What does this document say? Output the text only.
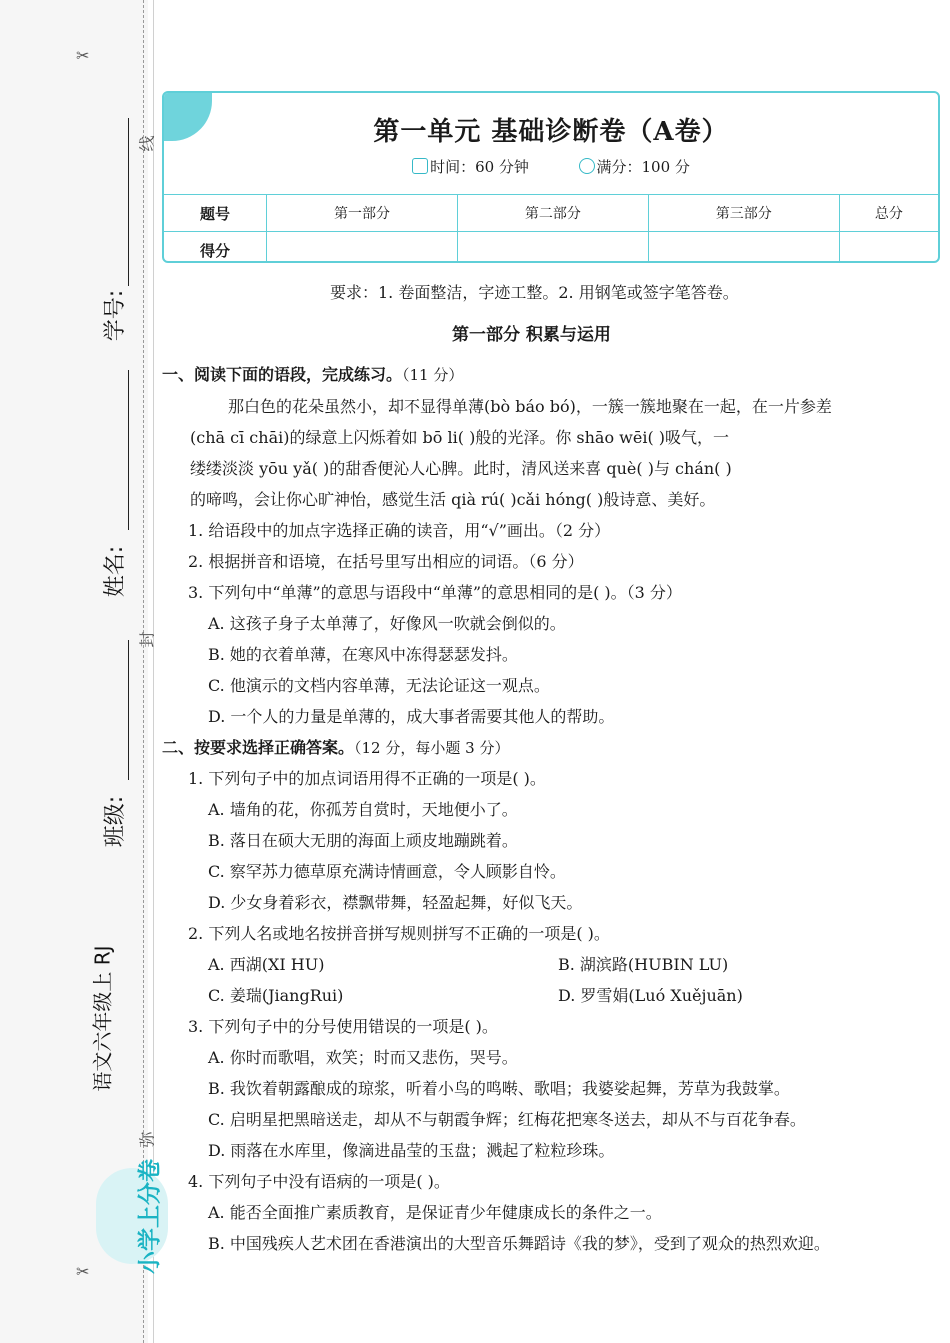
✂
✂
线
封
弥
学号:
姓名:
班级:
语文六年级上 RJ
小学上分卷
第一单元 基础诊断卷（A卷）
时间：60 分钟	满分：100 分
题号	第一部分	第二部分	第三部分	总分
得分				
要求：1. 卷面整洁，字迹工整。2. 用钢笔或签字笔答卷。
第一部分 积累与运用
一、阅读下面的语段，完成练习。（11 分）
那白色的花朵虽然小，却不显得单薄(bò báo bó)，一簇一簇地聚在一起，在一片参差
(chā cī chāi)的绿意上闪烁着如 bō li( )般的光泽。你 shāo wēi( )吸气，一
缕缕淡淡 yōu yǎ( )的甜香便沁人心脾。此时，清风送来喜 què( )与 chán( )
的啼鸣，会让你心旷神怡，感觉生活 qià rú( )cǎi hóng( )般诗意、美好。
1. 给语段中的加点字选择正确的读音，用“√”画出。（2 分）
2. 根据拼音和语境，在括号里写出相应的词语。（6 分）
3. 下列句中“单薄”的意思与语段中“单薄”的意思相同的是( )。（3 分）
A. 这孩子身子太单薄了，好像风一吹就会倒似的。
B. 她的衣着单薄，在寒风中冻得瑟瑟发抖。
C. 他演示的文档内容单薄，无法论证这一观点。
D. 一个人的力量是单薄的，成大事者需要其他人的帮助。
二、按要求选择正确答案。（12 分，每小题 3 分）
1. 下列句子中的加点词语用得不正确的一项是( )。
A. 墙角的花，你孤芳自赏时，天地便小了。
B. 落日在硕大无朋的海面上顽皮地蹦跳着。
C. 察罕苏力德草原充满诗情画意，令人顾影自怜。
D. 少女身着彩衣，襟飘带舞，轻盈起舞，好似飞天。
2. 下列人名或地名按拼音拼写规则拼写不正确的一项是( )。
A. 西湖(XI HU)	B. 湖滨路(HUBIN LU)
C. 姜瑞(JiangRui)	D. 罗雪娟(Luó Xuějuān)
3. 下列句子中的分号使用错误的一项是( )。
A. 你时而歌唱，欢笑；时而又悲伤，哭号。
B. 我饮着朝露酿成的琼浆，听着小鸟的鸣啭、歌唱；我婆娑起舞，芳草为我鼓掌。
C. 启明星把黑暗送走，却从不与朝霞争辉；红梅花把寒冬送去，却从不与百花争春。
D. 雨落在水库里，像滴进晶莹的玉盘；溅起了粒粒珍珠。
4. 下列句子中没有语病的一项是( )。
A. 能否全面推广素质教育，是保证青少年健康成长的条件之一。
B. 中国残疾人艺术团在香港演出的大型音乐舞蹈诗《我的梦》，受到了观众的热烈欢迎。
